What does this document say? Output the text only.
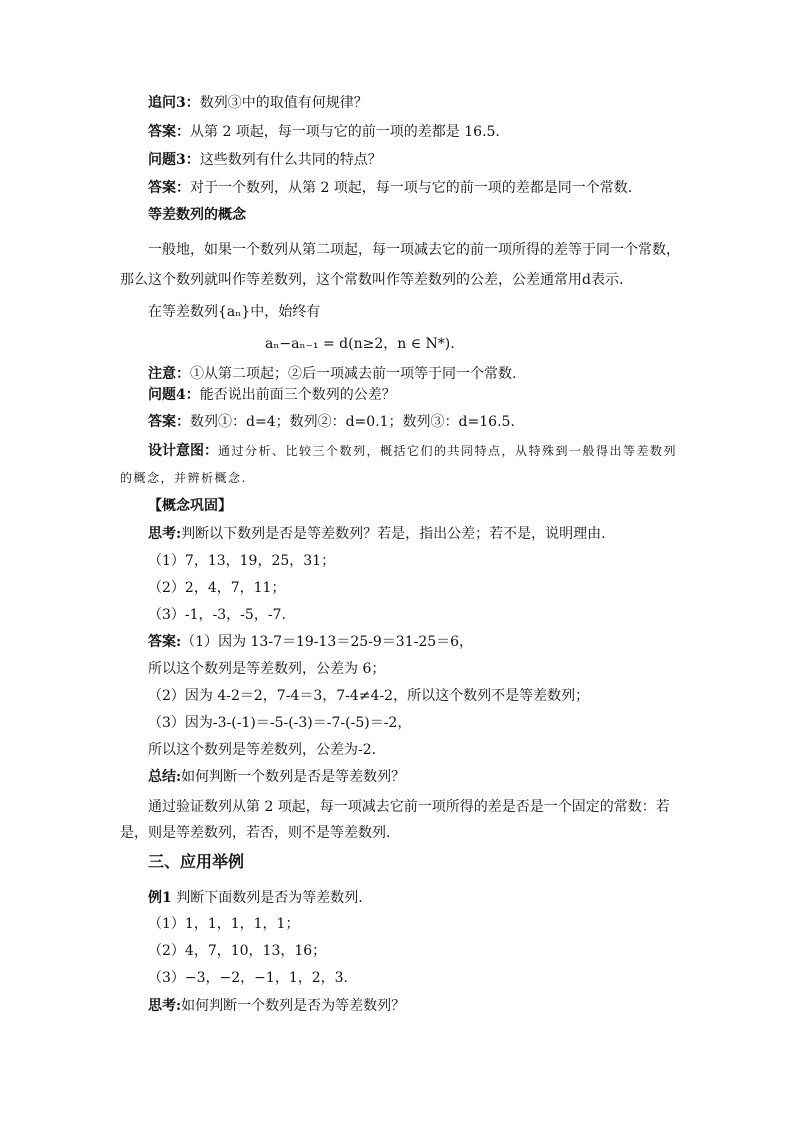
追问3：数列③中的取值有何规律？
答案：从第 2 项起，每一项与它的前一项的差都是 16.5.
问题3：这些数列有什么共同的特点？
答案：对于一个数列，从第 2 项起，每一项与它的前一项的差都是同一个常数.
等差数列的概念
一般地，如果一个数列从第二项起，每一项减去它的前一项所得的差等于同一个常数，
那么这个数列就叫作等差数列，这个常数叫作等差数列的公差，公差通常用d表示.
在等差数列{aₙ}中，始终有
aₙ−aₙ₋₁ = d(n≥2，n ∈ N*).
注意：①从第二项起；②后一项减去前一项等于同一个常数.
问题4：能否说出前面三个数列的公差？
答案：数列①：d=4；数列②：d=0.1；数列③：d=16.5.
设计意图：通过分析、比较三个数列，概括它们的共同特点，从特殊到一般得出等差数列
的概念，并辨析概念.
【概念巩固】
思考:判断以下数列是否是等差数列？若是，指出公差；若不是，说明理由.
（1）7，13，19，25，31；
（2）2，4，7，11；
（3）-1，-3，-5，-7.
答案:（1）因为 13-7＝19-13＝25-9＝31-25＝6，
所以这个数列是等差数列，公差为 6；
（2）因为 4-2＝2，7-4＝3，7-4≠4-2，所以这个数列不是等差数列；
（3）因为-3-(-1)＝-5-(-3)＝-7-(-5)＝-2，
所以这个数列是等差数列，公差为-2.
总结:如何判断一个数列是否是等差数列？
通过验证数列从第 2 项起，每一项减去它前一项所得的差是否是一个固定的常数：若
是，则是等差数列，若否，则不是等差数列.
三、应用举例
例1 判断下面数列是否为等差数列.
（1）1，1，1，1，1；
（2）4，7，10，13，16；
（3）−3，−2，−1，1，2，3.
思考:如何判断一个数列是否为等差数列？
